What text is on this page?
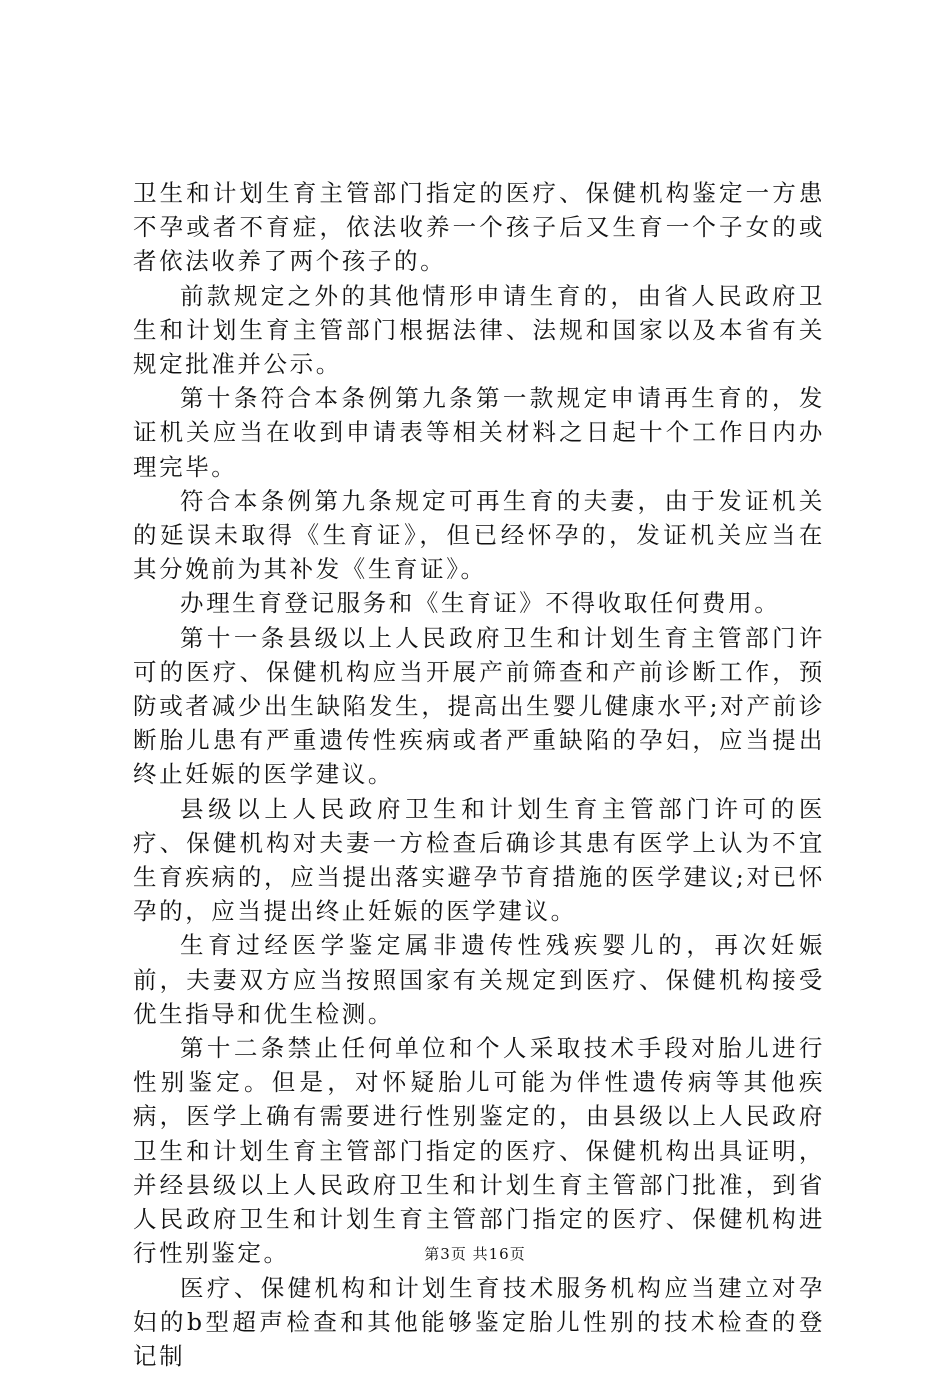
卫生和计划生育主管部门指定的医疗、保健机构鉴定一方患不孕或者不育症，依法收养一个孩子后又生育一个子女的或者依法收养了两个孩子的。

前款规定之外的其他情形申请生育的，由省人民政府卫生和计划生育主管部门根据法律、法规和国家以及本省有关规定批准并公示。

第十条符合本条例第九条第一款规定申请再生育的，发证机关应当在收到申请表等相关材料之日起十个工作日内办理完毕。

符合本条例第九条规定可再生育的夫妻，由于发证机关的延误未取得《生育证》，但已经怀孕的，发证机关应当在其分娩前为其补发《生育证》。

办理生育登记服务和《生育证》不得收取任何费用。

第十一条县级以上人民政府卫生和计划生育主管部门许可的医疗、保健机构应当开展产前筛查和产前诊断工作，预防或者减少出生缺陷发生，提高出生婴儿健康水平;对产前诊断胎儿患有严重遗传性疾病或者严重缺陷的孕妇，应当提出终止妊娠的医学建议。

县级以上人民政府卫生和计划生育主管部门许可的医疗、保健机构对夫妻一方检查后确诊其患有医学上认为不宜生育疾病的，应当提出落实避孕节育措施的医学建议;对已怀孕的，应当提出终止妊娠的医学建议。

生育过经医学鉴定属非遗传性残疾婴儿的，再次妊娠前，夫妻双方应当按照国家有关规定到医疗、保健机构接受优生指导和优生检测。

第十二条禁止任何单位和个人采取技术手段对胎儿进行性别鉴定。但是，对怀疑胎儿可能为伴性遗传病等其他疾病，医学上确有需要进行性别鉴定的，由县级以上人民政府卫生和计划生育主管部门指定的医疗、保健机构出具证明，并经县级以上人民政府卫生和计划生育主管部门批准，到省人民政府卫生和计划生育主管部门指定的医疗、保健机构进行性别鉴定。

医疗、保健机构和计划生育技术服务机构应当建立对孕妇的b型超声检查和其他能够鉴定胎儿性别的技术检查的登记制

第3页 共16页
